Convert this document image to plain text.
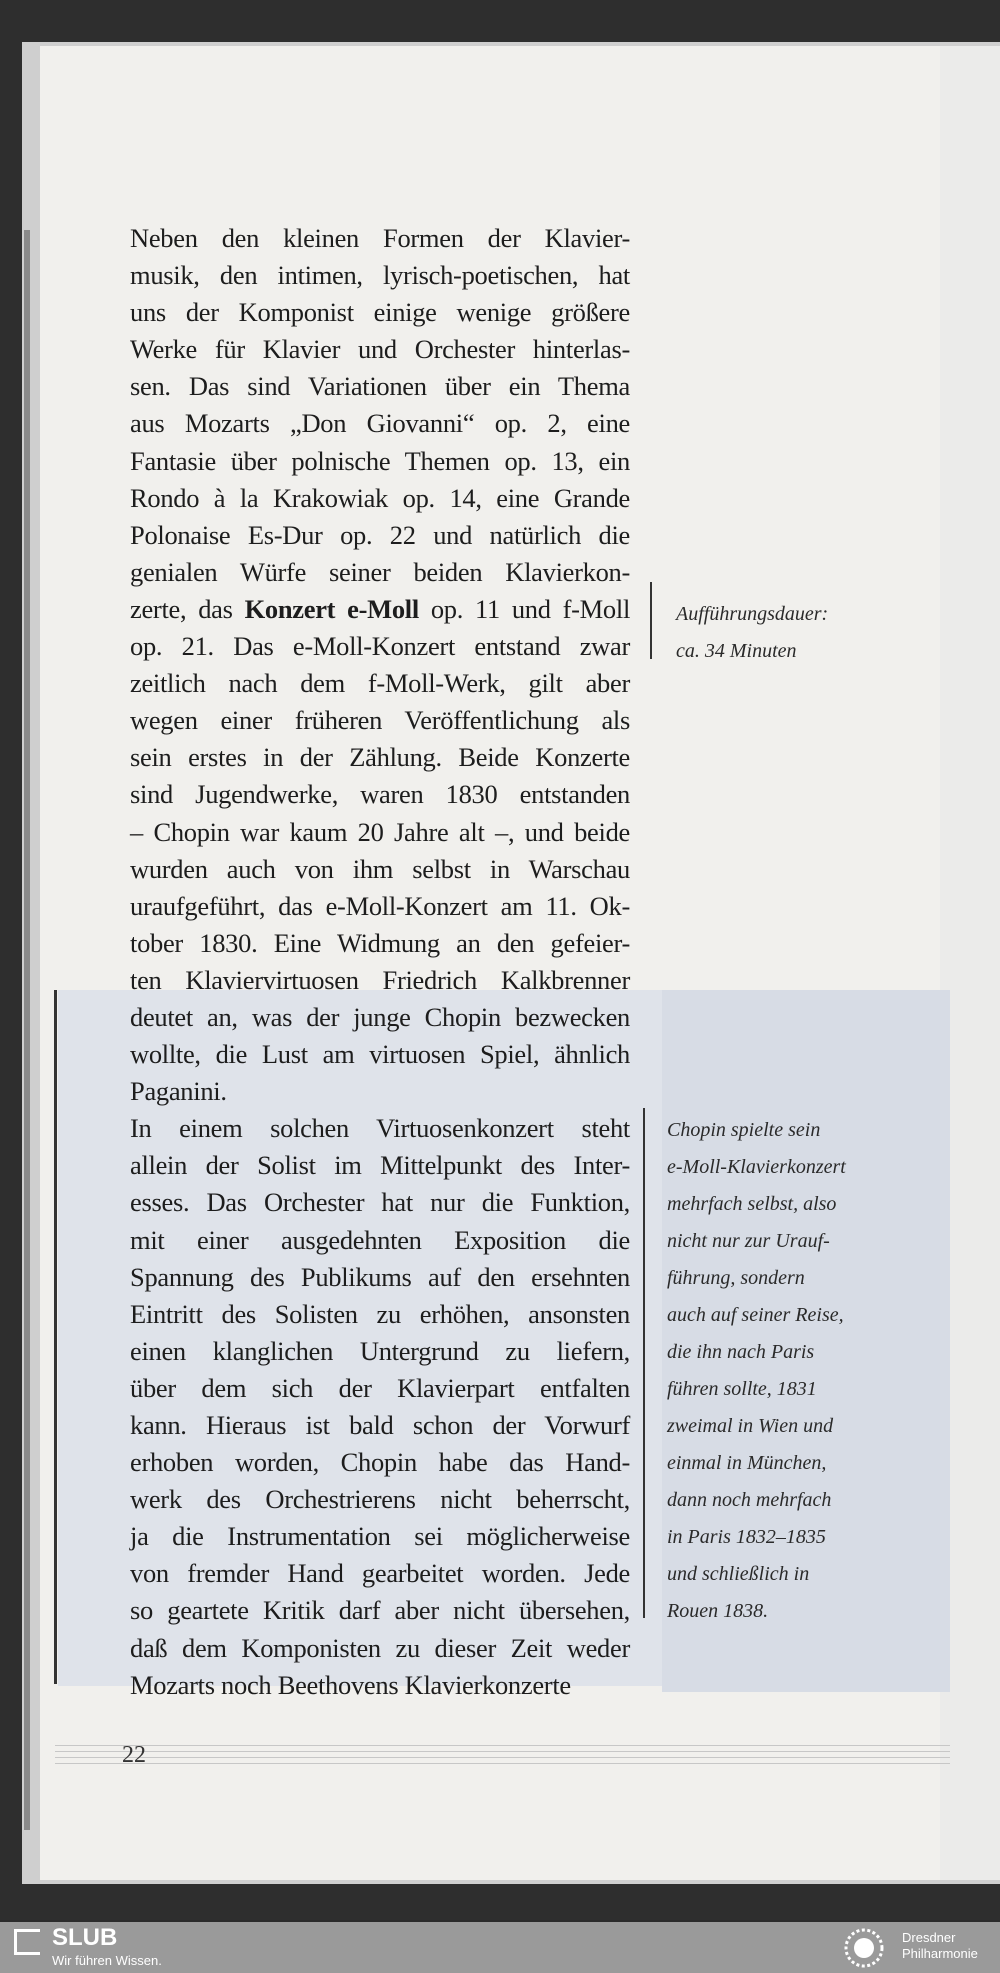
Neben den kleinen Formen der Klavier-
musik, den intimen, lyrisch-poetischen, hat
uns der Komponist einige wenige größere
Werke für Klavier und Orchester hinterlas-
sen. Das sind Variationen über ein Thema
aus Mozarts „Don Giovanni“ op. 2, eine
Fantasie über polnische Themen op. 13, ein
Rondo à la Krakowiak op. 14, eine Grande
Polonaise Es-Dur op. 22 und natürlich die
genialen Würfe seiner beiden Klavierkon-
zerte, das Konzert e-Moll op. 11 und f-Moll
op. 21. Das e-Moll-Konzert entstand zwar
zeitlich nach dem f-Moll-Werk, gilt aber
wegen einer früheren Veröffentlichung als
sein erstes in der Zählung. Beide Konzerte
sind Jugendwerke, waren 1830 entstanden
– Chopin war kaum 20 Jahre alt –, und beide
wurden auch von ihm selbst in Warschau
uraufgeführt, das e-Moll-Konzert am 11. Ok-
tober 1830. Eine Widmung an den gefeier-
ten Klaviervirtuosen Friedrich Kalkbrenner
deutet an, was der junge Chopin bezwecken
wollte, die Lust am virtuosen Spiel, ähnlich
Paganini.
In einem solchen Virtuosenkonzert steht
allein der Solist im Mittelpunkt des Inter-
esses. Das Orchester hat nur die Funktion,
mit einer ausgedehnten Exposition die
Spannung des Publikums auf den ersehnten
Eintritt des Solisten zu erhöhen, ansonsten
einen klanglichen Untergrund zu liefern,
über dem sich der Klavierpart entfalten
kann. Hieraus ist bald schon der Vorwurf
erhoben worden, Chopin habe das Hand-
werk des Orchestrierens nicht beherrscht,
ja die Instrumentation sei möglicherweise
von fremder Hand gearbeitet worden. Jede
so geartete Kritik darf aber nicht übersehen,
daß dem Komponisten zu dieser Zeit weder
Mozarts noch Beethovens Klavierkonzerte
Aufführungsdauer:
ca. 34 Minuten
Chopin spielte sein
e-Moll-Klavierkonzert
mehrfach selbst, also
nicht nur zur Urauf-
führung, sondern
auch auf seiner Reise,
die ihn nach Paris
führen sollte, 1831
zweimal in Wien und
einmal in München,
dann noch mehrfach
in Paris 1832–1835
und schließlich in
Rouen 1838.
22
SLUB
Wir führen Wissen.
Dresdner
Philharmonie
